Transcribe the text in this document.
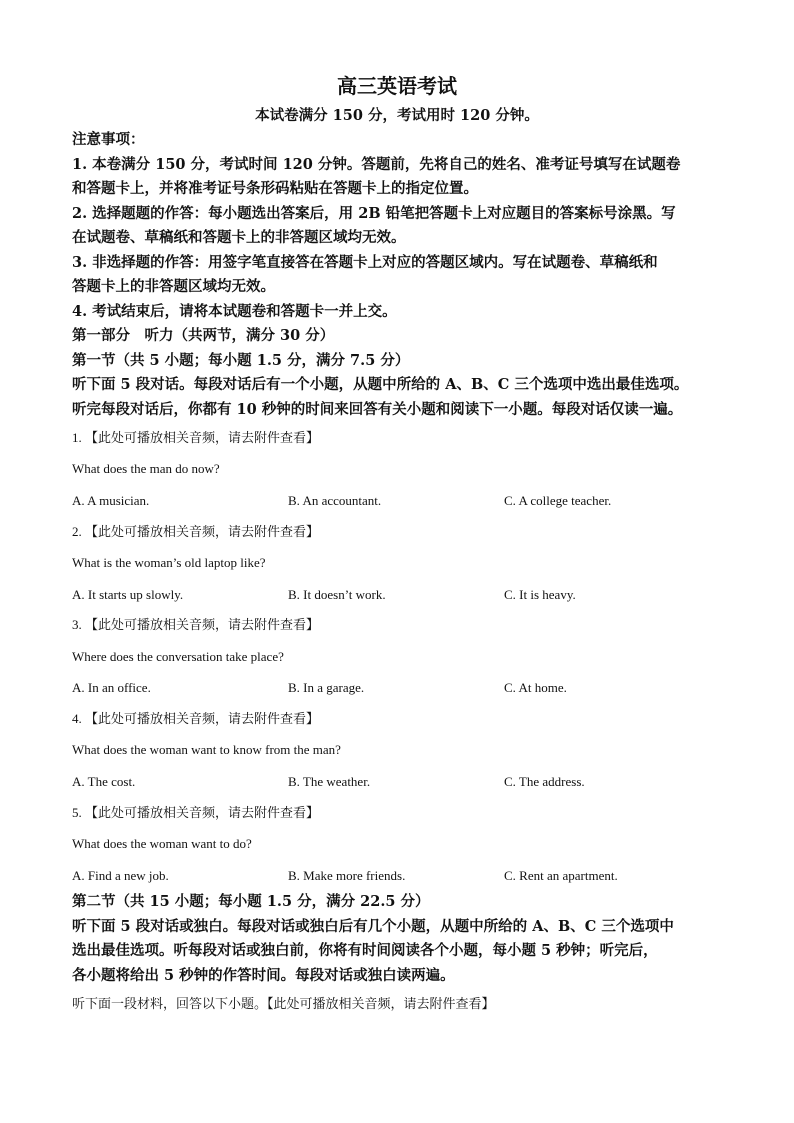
高三英语考试
本试卷满分 150 分，考试用时 120 分钟。
注意事项：
1. 本卷满分 150 分，考试时间 120 分钟。答题前，先将自己的姓名、准考证号填写在试题卷
和答题卡上，并将准考证号条形码粘贴在答题卡上的指定位置。
2. 选择题题的作答：每小题选出答案后，用 2B 铅笔把答题卡上对应题目的答案标号涂黑。写
在试题卷、草稿纸和答题卡上的非答题区域均无效。
3. 非选择题的作答：用签字笔直接答在答题卡上对应的答题区域内。写在试题卷、草稿纸和
答题卡上的非答题区域均无效。
4. 考试结束后，请将本试题卷和答题卡一并上交。
第一部分　听力（共两节，满分 30 分）
第一节（共 5 小题；每小题 1.5 分，满分 7.5 分）
听下面 5 段对话。每段对话后有一个小题，从题中所给的 A、B、C 三个选项中选出最佳选项。
听完每段对话后，你都有 10 秒钟的时间来回答有关小题和阅读下一小题。每段对话仅读一遍。
1. 【此处可播放相关音频，请去附件查看】
What does the man do now?
A. A musician.	B. An accountant.	C. A college teacher.
2. 【此处可播放相关音频，请去附件查看】
What is the woman’s old laptop like?
A. It starts up slowly.	B. It doesn’t work.	C. It is heavy.
3. 【此处可播放相关音频，请去附件查看】
Where does the conversation take place?
A. In an office.	B. In a garage.	C. At home.
4. 【此处可播放相关音频，请去附件查看】
What does the woman want to know from the man?
A. The cost.	B. The weather.	C. The address.
5. 【此处可播放相关音频，请去附件查看】
What does the woman want to do?
A. Find a new job.	B. Make more friends.	C. Rent an apartment.
第二节（共 15 小题；每小题 1.5 分，满分 22.5 分）
听下面 5 段对话或独白。每段对话或独白后有几个小题，从题中所给的 A、B、C 三个选项中
选出最佳选项。听每段对话或独白前，你将有时间阅读各个小题，每小题 5 秒钟；听完后，
各小题将给出 5 秒钟的作答时间。每段对话或独白读两遍。
听下面一段材料，回答以下小题。【此处可播放相关音频，请去附件查看】
